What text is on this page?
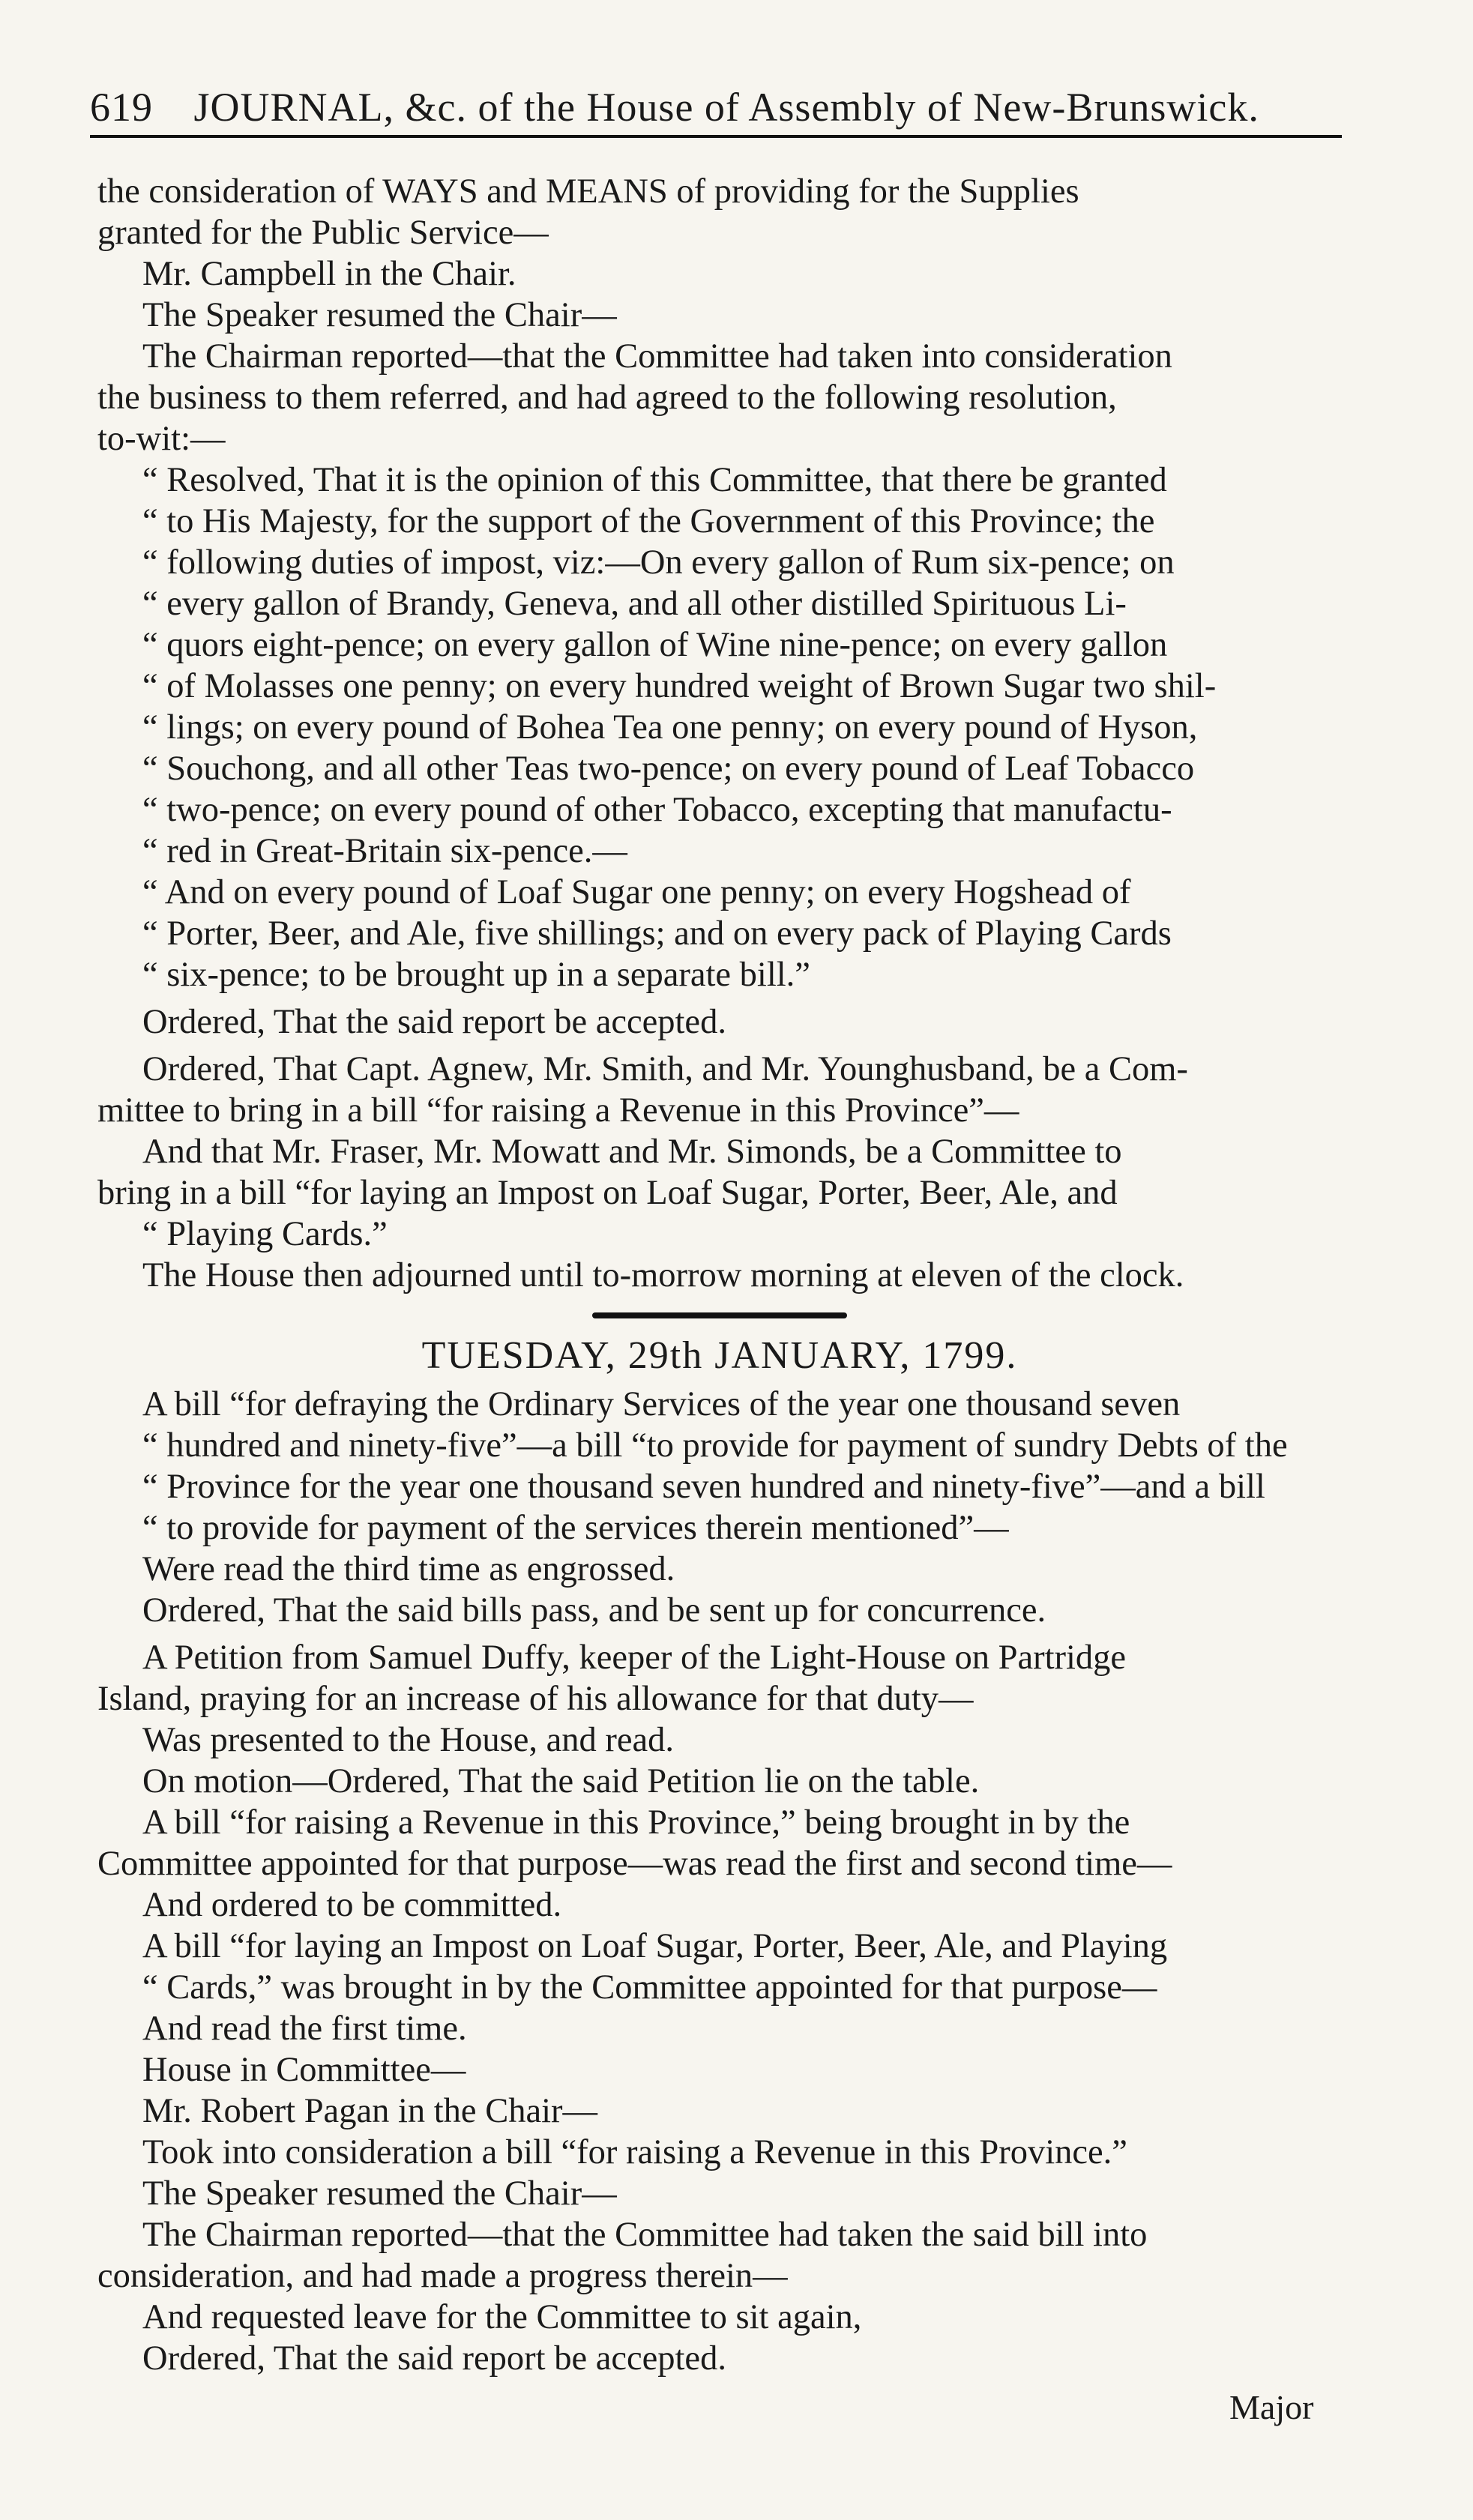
619 JOURNAL, &c. of the House of Assembly of New-Brunswick.
the consideration of WAYS and MEANS of providing for the Supplies
granted for the Public Service—
Mr. Campbell in the Chair.
The Speaker resumed the Chair—
The Chairman reported—that the Committee had taken into consideration
the business to them referred, and had agreed to the following resolution,
to-wit:—
“ Resolved, That it is the opinion of this Committee, that there be granted
“ to His Majesty, for the support of the Government of this Province; the
“ following duties of impost, viz:—On every gallon of Rum six-pence; on
“ every gallon of Brandy, Geneva, and all other distilled Spirituous Li-
“ quors eight-pence; on every gallon of Wine nine-pence; on every gallon
“ of Molasses one penny; on every hundred weight of Brown Sugar two shil-
“ lings; on every pound of Bohea Tea one penny; on every pound of Hyson,
“ Souchong, and all other Teas two-pence; on every pound of Leaf Tobacco
“ two-pence; on every pound of other Tobacco, excepting that manufactu-
“ red in Great-Britain six-pence.—
“ And on every pound of Loaf Sugar one penny; on every Hogshead of
“ Porter, Beer, and Ale, five shillings; and on every pack of Playing Cards
“ six-pence; to be brought up in a separate bill.”
Ordered, That the said report be accepted.
Ordered, That Capt. Agnew, Mr. Smith, and Mr. Younghusband, be a Com-
mittee to bring in a bill “for raising a Revenue in this Province”—
And that Mr. Fraser, Mr. Mowatt and Mr. Simonds, be a Committee to
bring in a bill “for laying an Impost on Loaf Sugar, Porter, Beer, Ale, and
“ Playing Cards.”
The House then adjourned until to-morrow morning at eleven of the clock.
TUESDAY, 29th JANUARY, 1799.
A bill “for defraying the Ordinary Services of the year one thousand seven
“ hundred and ninety-five”—a bill “to provide for payment of sundry Debts of the
“ Province for the year one thousand seven hundred and ninety-five”—and a bill
“ to provide for payment of the services therein mentioned”—
Were read the third time as engrossed.
Ordered, That the said bills pass, and be sent up for concurrence.
A Petition from Samuel Duffy, keeper of the Light-House on Partridge
Island, praying for an increase of his allowance for that duty—
Was presented to the House, and read.
On motion—Ordered, That the said Petition lie on the table.
A bill “for raising a Revenue in this Province,” being brought in by the
Committee appointed for that purpose—was read the first and second time—
And ordered to be committed.
A bill “for laying an Impost on Loaf Sugar, Porter, Beer, Ale, and Playing
“ Cards,” was brought in by the Committee appointed for that purpose—
And read the first time.
House in Committee—
Mr. Robert Pagan in the Chair—
Took into consideration a bill “for raising a Revenue in this Province.”
The Speaker resumed the Chair—
The Chairman reported—that the Committee had taken the said bill into
consideration, and had made a progress therein—
And requested leave for the Committee to sit again,
Ordered, That the said report be accepted.
Major
